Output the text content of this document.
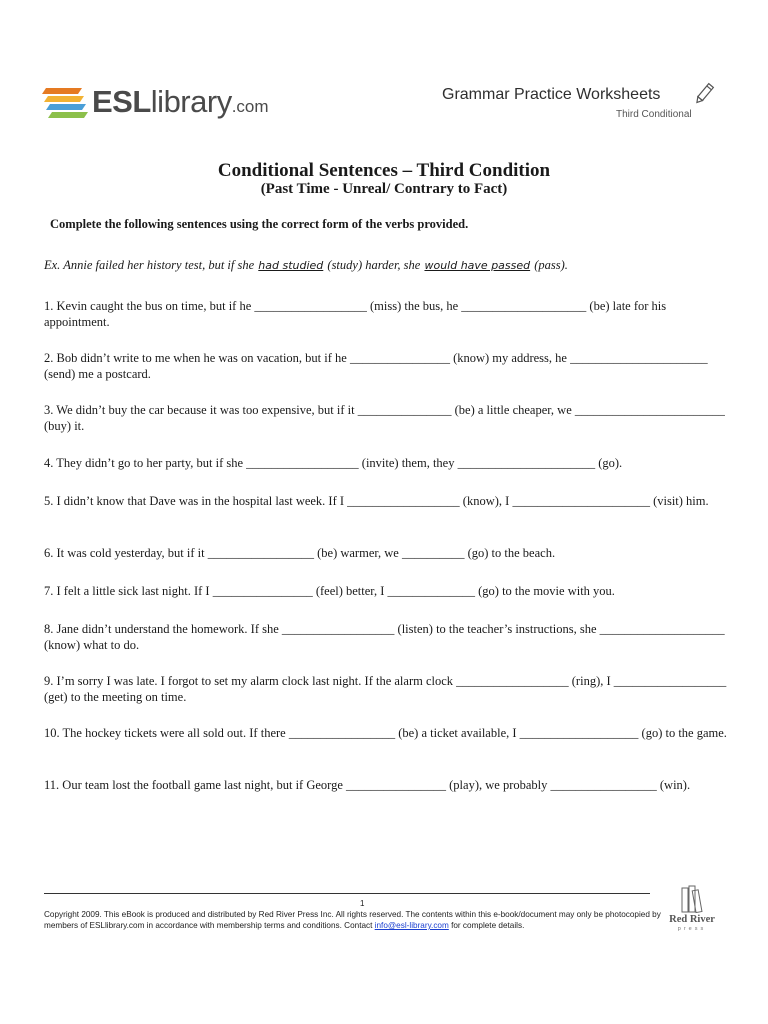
ESLlibrary.com
Grammar Practice Worksheets
Third Conditional
Conditional Sentences – Third Condition
(Past Time - Unreal/ Contrary to Fact)
Complete the following sentences using the correct form of the verbs provided.
Ex. Annie failed her history test, but if she had studied (study) harder, she would have passed (pass).
1. Kevin caught the bus on time, but if he __________________ (miss) the bus, he ____________________ (be) late for his appointment.
2. Bob didn’t write to me when he was on vacation, but if he ________________ (know) my address, he ______________________ (send) me a postcard.
3. We didn’t buy the car because it was too expensive, but if it _______________ (be) a little cheaper, we ________________________ (buy) it.
4. They didn’t go to her party, but if she __________________ (invite) them, they ______________________ (go).
5. I didn’t know that Dave was in the hospital last week. If I __________________ (know), I ______________________ (visit) him.
6. It was cold yesterday, but if it _________________ (be) warmer, we __________ (go) to the beach.
7. I felt a little sick last night. If I ________________ (feel) better, I ______________ (go) to the movie with you.
8. Jane didn’t understand the homework. If she __________________ (listen) to the teacher’s instructions, she ____________________ (know) what to do.
9. I’m sorry I was late. I forgot to set my alarm clock last night. If the alarm clock __________________ (ring), I __________________ (get) to the meeting on time.
10. The hockey tickets were all sold out. If there _________________ (be) a ticket available, I ___________________ (go) to the game.
11. Our team lost the football game last night, but if George ________________ (play), we probably _________________ (win).
1
Copyright 2009. This eBook is produced and distributed by Red River Press Inc. All rights reserved. The contents within this e-book/document may only be photocopied by members of ESLlibrary.com in accordance with membership terms and conditions. Contact info@esl-library.com for complete details.
Red River
press
